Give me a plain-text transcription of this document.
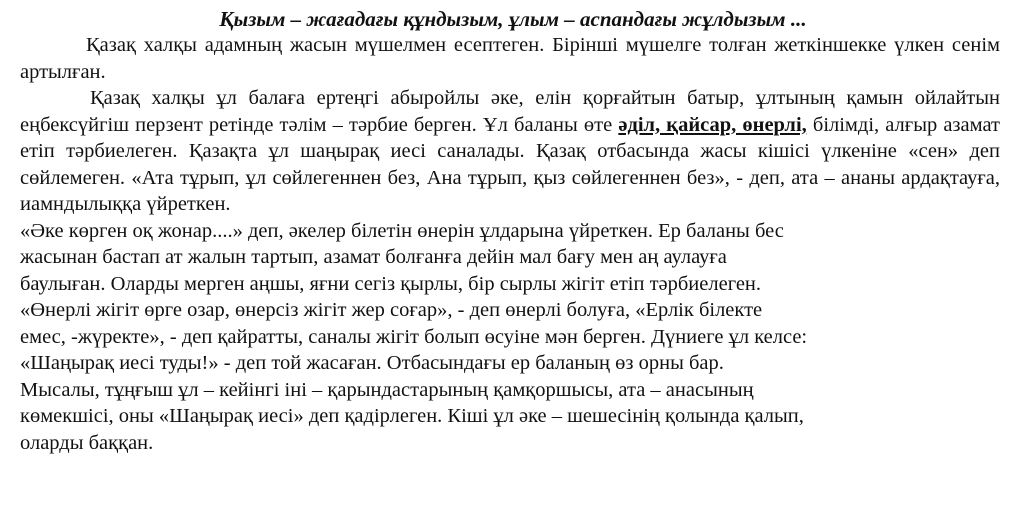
Қызым – жағадағы құндызым, ұлым – аспандағы жұлдызым ...

Қазақ халқы адамның жасын мүшелмен есептеген. Бірінші мүшелге толған жеткіншекке үлкен сенім артылған.

Қазақ халқы ұл балаға ертеңгі абыройлы әке, елін қорғайтын батыр, ұлтының қамын ойлайтын еңбексүйгіш перзент ретінде тәлім – тәрбие берген. Ұл баланы өте әділ, қайсар, өнерлі, білімді, алғыр азамат етіп тәрбиелеген. Қазақта ұл шаңырақ иесі саналады. Қазақ отбасында жасы кішісі үлкеніне «сен» деп сөйлемеген. «Ата тұрып, ұл сөйлегеннен без, Ана тұрып, қыз сөйлегеннен без», - деп, ата – ананы ардақтауға, иамндылыққа үйреткен.

«Әке көрген оқ жонар....» деп, әкелер білетін өнерін ұлдарына үйреткен. Ер баланы бес
жасынан бастап ат жалын тартып, азамат болғанға дейін мал бағу мен аң аулауға
баулыған. Оларды мерген аңшы, яғни сегіз қырлы, бір сырлы жігіт етіп тәрбиелеген.
«Өнерлі жігіт өрге озар, өнерсіз жігіт жер соғар», - деп өнерлі болуға, «Ерлік білекте
емес, -жүректе», - деп қайратты, саналы жігіт болып өсуіне мән берген. Дүниеге ұл келсе:
«Шаңырақ иесі туды!» - деп той жасаған. Отбасындағы ер баланың өз орны бар.
Мысалы, тұңғыш ұл – кейінгі іні – қарындастарының қамқоршысы, ата – анасының
көмекшісі, оны «Шаңырақ иесі» деп қадірлеген. Кіші ұл әке – шешесінің қолында қалып,
оларды баққан.
